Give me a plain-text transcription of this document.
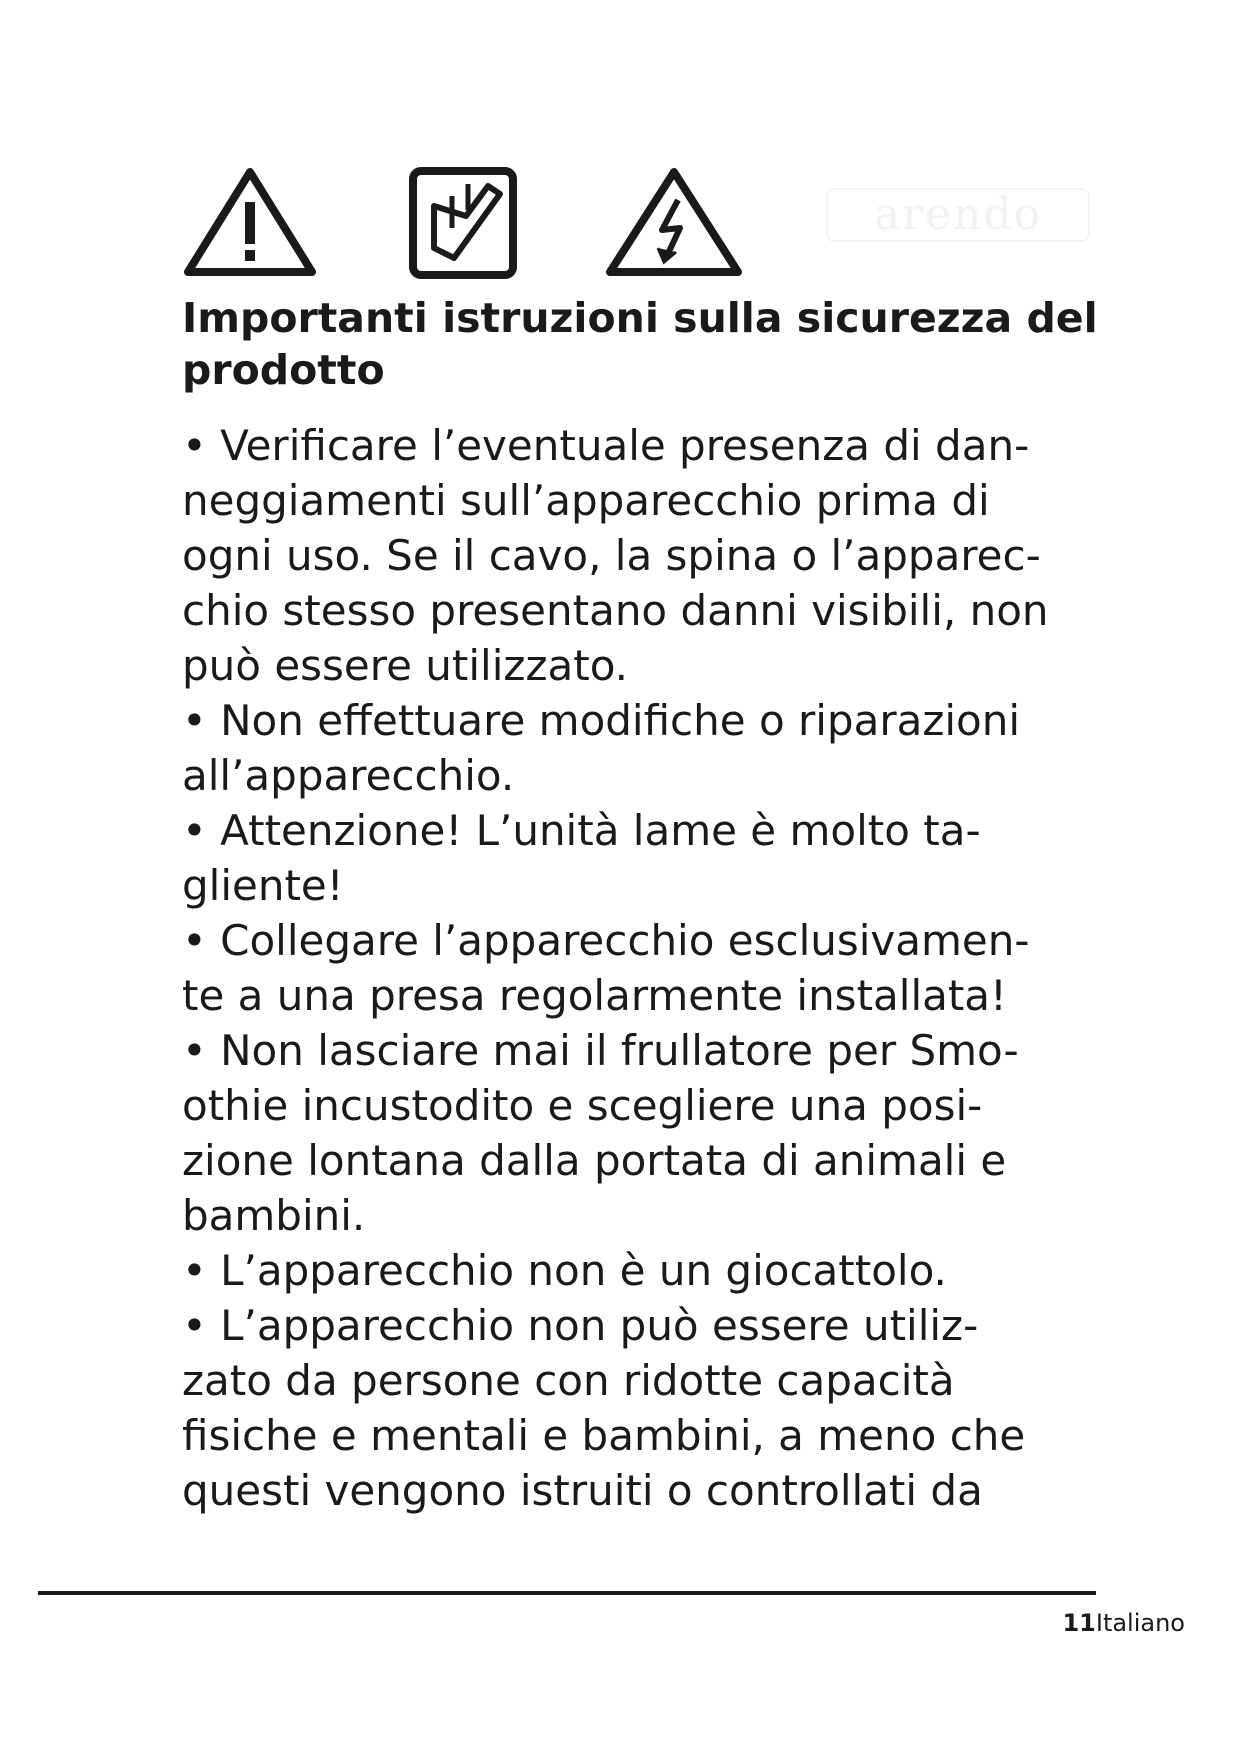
arendo
Importanti istruzioni sulla sicurezza del
prodotto
• Verificare l’eventuale presenza di dan-
neggiamenti sull’apparecchio prima di
ogni uso. Se il cavo, la spina o l’apparec-
chio stesso presentano danni visibili, non
può essere utilizzato.
• Non effettuare modifiche o riparazioni
all’apparecchio.
• Attenzione! L’unità lame è molto ta-
gliente!
• Collegare l’apparecchio esclusivamen-
te a una presa regolarmente installata!
• Non lasciare mai il frullatore per Smo-
othie incustodito e scegliere una posi-
zione lontana dalla portata di animali e
bambini.
• L’apparecchio non è un giocattolo.
• L’apparecchio non può essere utiliz-
zato da persone con ridotte capacità
fisiche e mentali e bambini, a meno che
questi vengono istruiti o controllati da
11Italiano
